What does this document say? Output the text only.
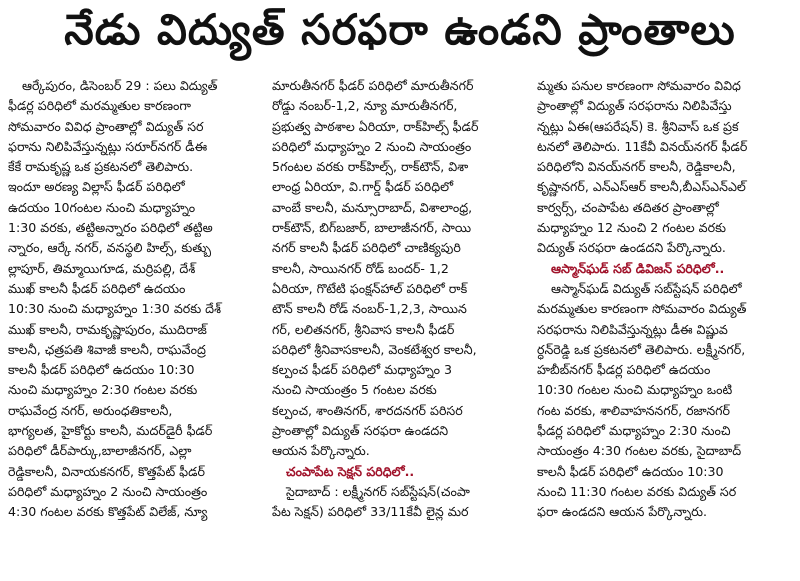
నేడు విద్యుత్ సరఫరా ఉండని ప్రాంతాలు
ఆర్కేపురం, డిసెంబర్ 29 : పలు విద్యుత్
ఫీడర్ల పరిధిలో మరమ్మతుల కారణంగా
సోమవారం వివిధ ప్రాంతాల్లో విద్యుత్ సర
ఫరాను నిలిపివేస్తున్నట్లు సరూర్‌నగర్ డీఈ
కేకే రామకృష్ణ ఒక ప్రకటనలో తెలిపారు.
ఇందూ అరణ్య విల్లాస్ ఫీడర్ పరిధిలో
ఉదయం 10గంటల నుంచి మధ్యాహ్నం
1:30 వరకు, తట్టిఅన్నారం పరిధిలో తట్టిఅ
న్నారం, ఆర్కే నగర్, వనస్థలి హిల్స్, కుత్బు
ల్లాపూర్, తిమ్మాయిగూడ, మర్రిపల్లి, దేశ్
ముఖ్ కాలనీ ఫీడర్ పరిధిలో ఉదయం
10:30 నుంచి మధ్యాహ్నం 1:30 వరకు దేశ్
ముఖ్ కాలనీ, రామకృష్ణాపురం, ముదిరాజ్
కాలనీ, ఛత్రపతి శివాజీ కాలనీ, రాఘవేంద్ర
కాలనీ ఫీడర్ పరిధిలో ఉదయం 10:30
నుంచి మధ్యాహ్నం 2:30 గంటల వరకు
రాఘవేంద్ర నగర్, అరుంధతికాలనీ,
భాగ్యలత, హైకోర్టు కాలనీ, మదర్‌డైరీ ఫీడర్
పరిధిలో డీర్‌పార్కు,బాలాజీనగర్, ఎల్లా
రెడ్డికాలనీ, వినాయకనగర్, కొత్తపేట్ ఫీడర్
పరిధిలో మధ్యాహ్నం 2 నుంచి సాయంత్రం
4:30 గంటల వరకు కొత్తపేట్ విలేజ్, న్యూ
మారుతీనగర్ ఫీడర్ పరిధిలో మారుతీనగర్
రోడ్డు నంబర్-1,2, న్యూ మారుతీనగర్,
ప్రభుత్వ పాఠశాల ఏరియా, రాక్‌హిల్స్ ఫీడర్
పరిధిలో మధ్యాహ్నం 2 నుంచి సాయంత్రం
5గంటల వరకు రాక్‌హిల్స్, రాక్‌టౌన్, విశా
లాంధ్ర ఏరియా, వి.గార్డ్ ఫీడర్ పరిధిలో
వాంబే కాలనీ, మన్సూరాబాద్, విశాలాంధ్ర,
రాక్‌టౌన్, బిగ్‌బజార్, బాలాజీనగర్, సాయి
నగర్ కాలనీ ఫీడర్ పరిధిలో చాణిక్యపురి
కాలనీ, సాయినగర్ రోడ్ బందర్- 1,2
ఏరియా, గొటేటి ఫంక్షన్‌హాల్ పరిధిలో రాక్
టౌన్ కాలనీ రోడ్ నంబర్-1,2,3, సాయిన
గర్, లలితనగర్, శ్రీనివాస కాలనీ ఫీడర్
పరిధిలో శ్రీనివాసకాలనీ, వెంకటేశ్వర కాలనీ,
కల్పంచ ఫీడర్ పరిధిలో మధ్యాహ్నం 3
నుంచి సాయంత్రం 5 గంటల వరకు
కల్పంచ, శాంతినగర్, శారదనగర్ పరిసర
ప్రాంతాల్లో విద్యుత్ సరఫరా ఉండదని
ఆయన పేర్కొన్నారు.
చంపాపేట సెక్షన్ పరిధిలో..
సైదాబాద్ : లక్ష్మీనగర్ సబ్‌స్టేషన్(చంపా
పేట సెక్షన్) పరిధిలో 33/11కేవీ లైన్ల మర
మ్మతు పనుల కారణంగా సోమవారం వివిధ
ప్రాంతాల్లో విద్యుత్ సరఫరాను నిలిపివేస్తు
న్నట్లు ఏఈ(ఆపరేషన్) కె. శ్రీనివాస్ ఒక ప్రక
టనలో తెలిపారు. 11కేవీ వినయ్‌నగర్ ఫీడర్
పరిధిలోని వినయ్‌నగర్ కాలనీ, రెడ్డికాలనీ,
కృష్ణానగర్, ఎన్‌ఎస్‌ఆర్ కాలనీ,బీఎస్‌ఎన్‌ఎల్
కార్వర్స్, చంపాపేట తదితర ప్రాంతాల్లో
మధ్యాహ్నం 12 నుంచి 2 గంటల వరకు
విద్యుత్ సరఫరా ఉండదని పేర్కొన్నారు.
ఆస్మాన్‌ఘడ్ సబ్ డివిజన్ పరిధిలో..
ఆస్మాన్‌ఘడ్ విద్యుత్ సబ్‌స్టేషన్ పరిధిలో
మరమ్మతుల కారణంగా సోమవారం విద్యుత్
సరఫరాను నిలిపివేస్తున్నట్లు డీఈ విష్ణువ
ర్ధన్‌రెడ్డి ఒక ప్రకటనలో తెలిపారు. లక్ష్మీనగర్,
హబీబ్‌నగర్ ఫీడర్ల పరిధిలో ఉదయం
10:30 గంటల నుంచి మధ్యాహ్నం ఒంటి
గంట వరకు, శాలివాహననగర్, రజానగర్
ఫీడర్ల పరిధిలో మధ్యాహ్నం 2:30 నుంచి
సాయంత్రం 4:30 గంటల వరకు, సైదాబాద్
కాలనీ ఫీడర్ పరిధిలో ఉదయం 10:30
నుంచి 11:30 గంటల వరకు విద్యుత్ సర
ఫరా ఉండదని ఆయన పేర్కొన్నారు.
